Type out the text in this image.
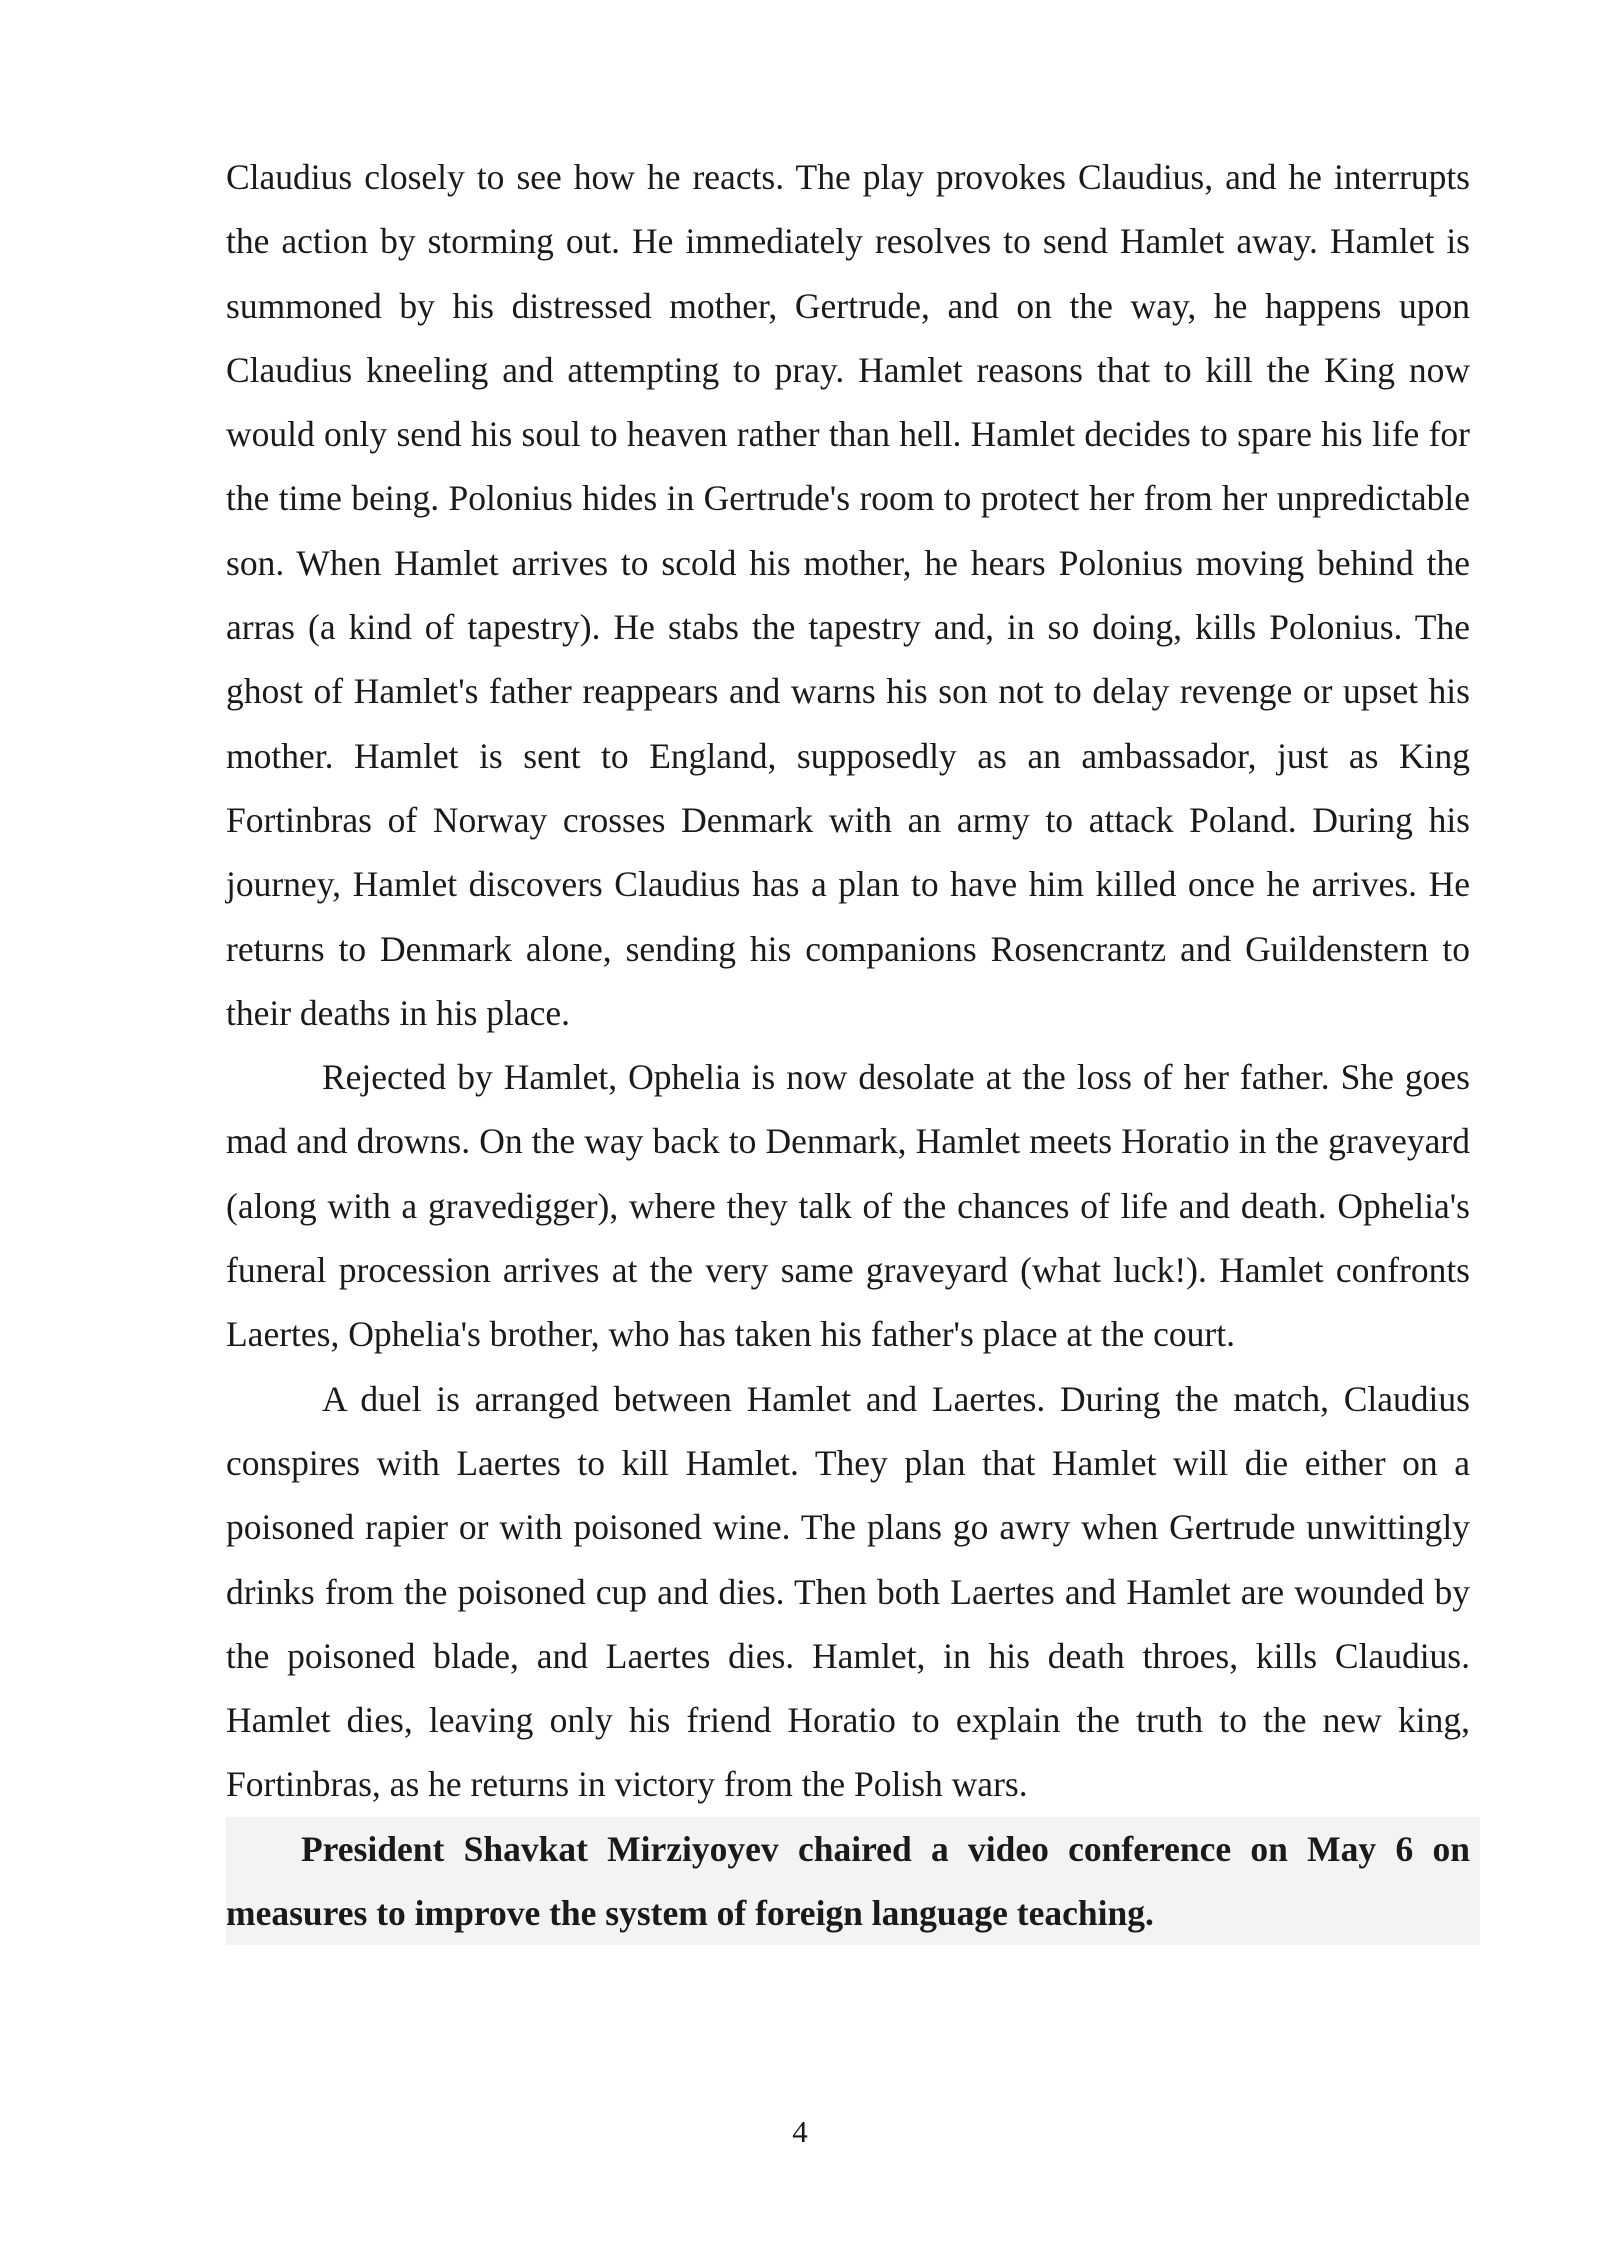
Claudius closely to see how he reacts. The play provokes Claudius, and he interrupts the action by storming out. He immediately resolves to send Hamlet away. Hamlet is summoned by his distressed mother, Gertrude, and on the way, he happens upon Claudius kneeling and attempting to pray. Hamlet reasons that to kill the King now would only send his soul to heaven rather than hell. Hamlet decides to spare his life for the time being. Polonius hides in Gertrude's room to protect her from her unpredictable son. When Hamlet arrives to scold his mother, he hears Polonius moving behind the arras (a kind of tapestry). He stabs the tapestry and, in so doing, kills Polonius. The ghost of Hamlet's father reappears and warns his son not to delay revenge or upset his mother. Hamlet is sent to England, supposedly as an ambassador, just as King Fortinbras of Norway crosses Denmark with an army to attack Poland. During his journey, Hamlet discovers Claudius has a plan to have him killed once he arrives. He returns to Denmark alone, sending his companions Rosencrantz and Guildenstern to their deaths in his place.

Rejected by Hamlet, Ophelia is now desolate at the loss of her father. She goes mad and drowns. On the way back to Denmark, Hamlet meets Horatio in the graveyard (along with a gravedigger), where they talk of the chances of life and death. Ophelia's funeral procession arrives at the very same graveyard (what luck!). Hamlet confronts Laertes, Ophelia's brother, who has taken his father's place at the court.

A duel is arranged between Hamlet and Laertes. During the match, Claudius conspires with Laertes to kill Hamlet. They plan that Hamlet will die either on a poisoned rapier or with poisoned wine. The plans go awry when Gertrude unwittingly drinks from the poisoned cup and dies. Then both Laertes and Hamlet are wounded by the poisoned blade, and Laertes dies. Hamlet, in his death throes, kills Claudius. Hamlet dies, leaving only his friend Horatio to explain the truth to the new king, Fortinbras, as he returns in victory from the Polish wars.

President Shavkat Mirziyoyev chaired a video conference on May 6 on measures to improve the system of foreign language teaching.

4
